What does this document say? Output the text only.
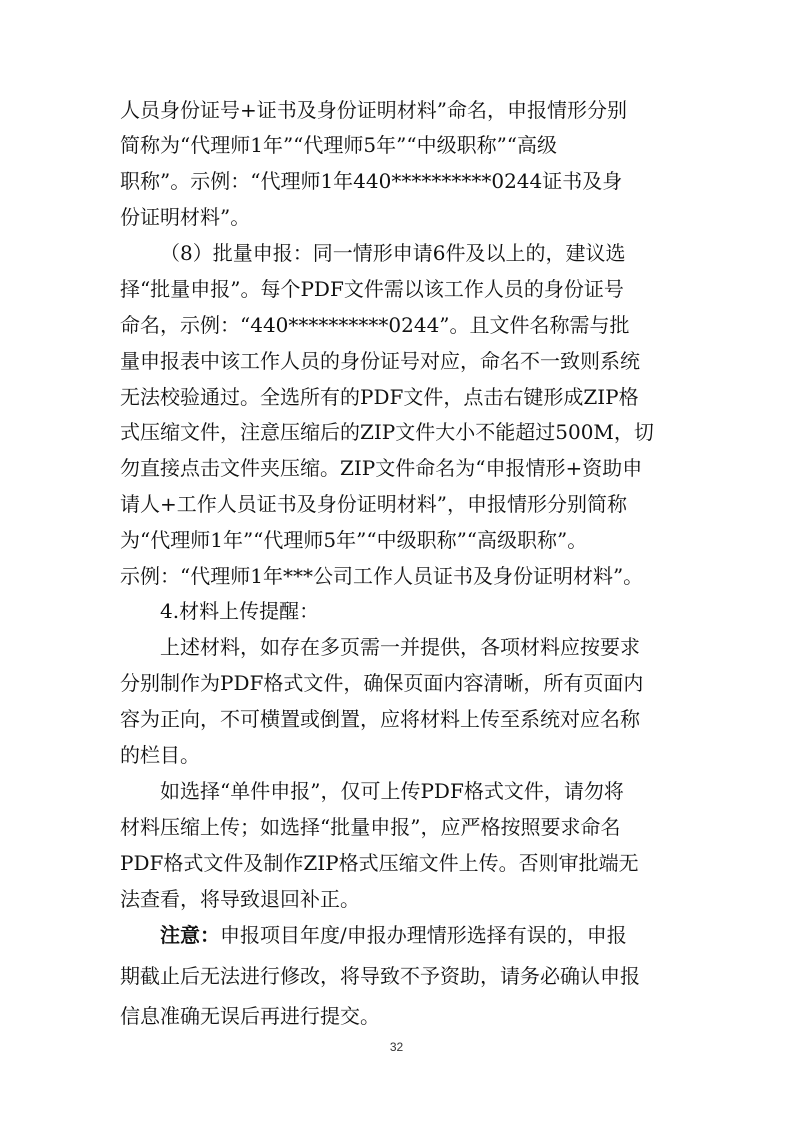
人员身份证号+证书及身份证明材料”命名，申报情形分别
简称为“代理师1年”“代理师5年”“中级职称”“高级
职称”。示例：“代理师1年440**********0244证书及身
份证明材料”。
（8）批量申报：同一情形申请6件及以上的，建议选
择“批量申报”。每个PDF文件需以该工作人员的身份证号
命名，示例：“440**********0244”。且文件名称需与批
量申报表中该工作人员的身份证号对应，命名不一致则系统
无法校验通过。全选所有的PDF文件，点击右键形成ZIP格
式压缩文件，注意压缩后的ZIP文件大小不能超过500M，切
勿直接点击文件夹压缩。ZIP文件命名为“申报情形+资助申
请人+工作人员证书及身份证明材料”，申报情形分别简称
为“代理师1年”“代理师5年”“中级职称”“高级职称”。
示例：“代理师1年***公司工作人员证书及身份证明材料”。
4.材料上传提醒：
上述材料，如存在多页需一并提供，各项材料应按要求
分别制作为PDF格式文件，确保页面内容清晰，所有页面内
容为正向，不可横置或倒置，应将材料上传至系统对应名称
的栏目。
如选择“单件申报”，仅可上传PDF格式文件，请勿将
材料压缩上传；如选择“批量申报”，应严格按照要求命名
PDF格式文件及制作ZIP格式压缩文件上传。否则审批端无
法查看，将导致退回补正。
注意：申报项目年度/申报办理情形选择有误的，申报
期截止后无法进行修改，将导致不予资助，请务必确认申报
信息准确无误后再进行提交。
32
